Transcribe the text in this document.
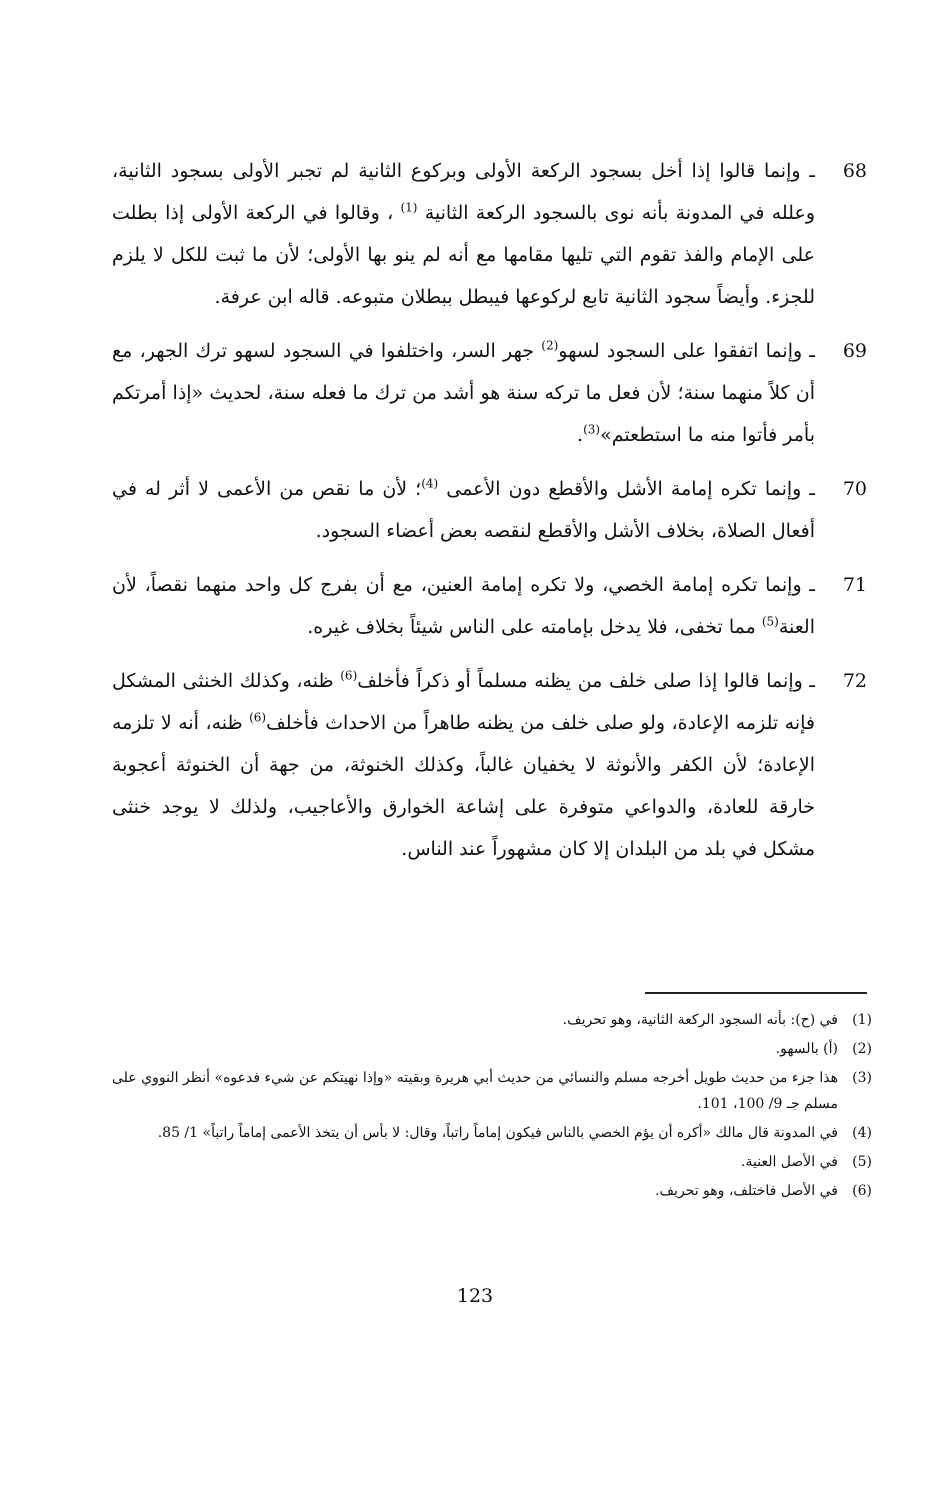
68
ـ وإنما قالوا إذا أخل بسجود الركعة الأولى وبركوع الثانية لم تجبر الأولى بسجود الثانية، وعلله في المدونة بأنه نوى بالسجود الركعة الثانية $^{(1)}$ ، وقالوا في الركعة الأولى إذا بطلت على الإمام والفذ تقوم التي تليها مقامها مع أنه لم ينو بها الأولى؛ لأن ما ثبت للكل لا يلزم للجزء. وأيضاً سجود الثانية تابع لركوعها فيبطل ببطلان متبوعه. قاله ابن عرفة.
69
ـ وإنما اتفقوا على السجود لسهو$^{(2)}$ جهر السر، واختلفوا في السجود لسهو ترك الجهر، مع أن كلاً منهما سنة؛ لأن فعل ما تركه سنة هو أشد من ترك ما فعله سنة، لحديث «إذا أمرتكم بأمر فأتوا منه ما استطعتم»$^{(3)}$.
70
ـ وإنما تكره إمامة الأشل والأقطع دون الأعمى $^{(4)}$؛ لأن ما نقص من الأعمى لا أثر له في أفعال الصلاة، بخلاف الأشل والأقطع لنقصه بعض أعضاء السجود.
71
ـ وإنما تكره إمامة الخصي، ولا تكره إمامة العنين، مع أن بفرج كل واحد منهما نقصاً، لأن العنة$^{(5)}$ مما تخفى، فلا يدخل بإمامته على الناس شيئاً بخلاف غيره.
72
ـ وإنما قالوا إذا صلى خلف من يظنه مسلماً أو ذكراً فأخلف$^{(6)}$ ظنه، وكذلك الخنثى المشكل فإنه تلزمه الإعادة، ولو صلى خلف من يظنه طاهراً من الاحداث فأخلف$^{(6)}$ ظنه، أنه لا تلزمه الإعادة؛ لأن الكفر والأنوثة لا يخفيان غالباً، وكذلك الخنوثة، من جهة أن الخنوثة أعجوبة خارقة للعادة، والدواعي متوفرة على إشاعة الخوارق والأعاجيب، ولذلك لا يوجد خنثى مشكل في بلد من البلدان إلا كان مشهوراً عند الناس.
(1)
في (ح): بأنه السجود الركعة الثانية، وهو تحريف.
(2)
(أ) بالسهو.
(3)
هذا جزء من حديث طويل أخرجه مسلم والنسائي من حديث أبي هريرة وبقيته «وإذا نهيتكم عن شيء فدعوه» أنظر النووي على مسلم جـ 9/ 100، 101.
(4)
في المدونة قال مالك «أكره أن يؤم الخصي بالناس فيكون إماماً راتباً، وقال: لا بأس أن يتخذ الأعمى إماماً راتباً» 1/ 85.
(5)
في الأصل العنية.
(6)
في الأصل فاختلف، وهو تحريف.
123
